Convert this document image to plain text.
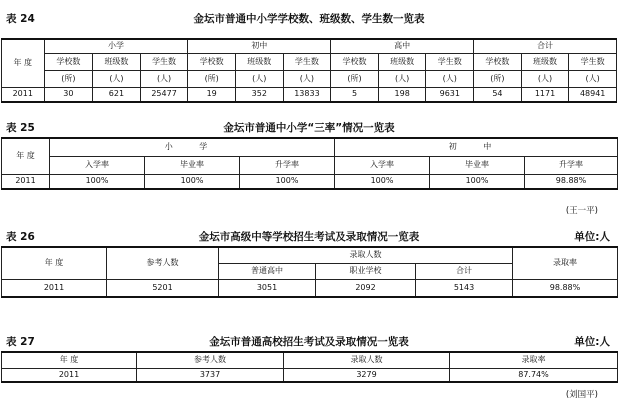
表 24	金坛市普通中小学学校数、班级数、学生数一览表
年 度	小学			初中			高中			合计		
	学校数	班级数	学生数	学校数	班级数	学生数	学校数	班级数	学生数	学校数	班级数	学生数
	(所)	(人)	(人)	(所)	(人)	(人)	(所)	(人)	(人)	(所)	(人)	(人)
2011	30	621	25477	19	352	13833	5	198	9631	54	1171	48941
表 25	金坛市普通中小学“三率”情况一览表
年 度	小 学			初 中		
	入学率	毕业率	升学率	入学率	毕业率	升学率
2011	100%	100%	100%	100%	100%	98.88%
(王一平)
表 26	金坛市高级中等学校招生考试及录取情况一览表	单位:人
年 度	参考人数	录取人数			录取率
		普通高中	职业学校	合计	
2011	5201	3051	2092	5143	98.88%
表 27	金坛市普通高校招生考试及录取情况一览表	单位:人
年 度	参考人数	录取人数	录取率
2011	3737	3279	87.74%
(刘国平)
